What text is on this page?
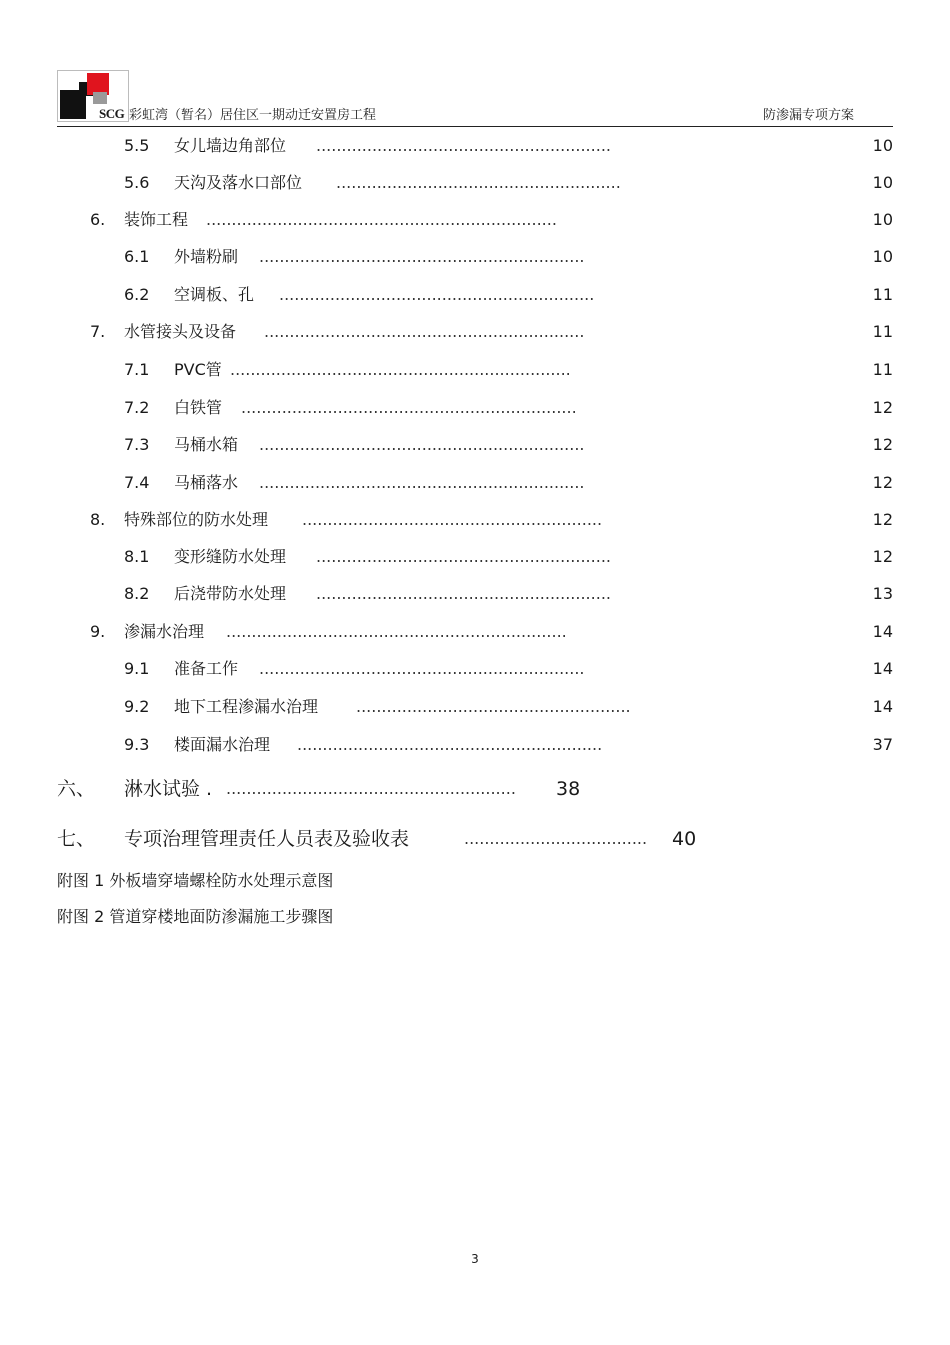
SCG 彩虹湾（暂名）居住区一期动迁安置房工程	防渗漏专项方案
5.5 女儿墙边角部位 ..........................................................	10
5.6 天沟及落水口部位 ........................................................	10
6. 装饰工程 .....................................................................	10
6.1 外墙粉刷 ................................................................	10
6.2 空调板、孔 ..............................................................	11
7. 水管接头及设备 ...............................................................	11
7.1 PVC管 ...................................................................	11
7.2 白铁管 ..................................................................	12
7.3 马桶水箱 ................................................................	12
7.4 马桶落水 ................................................................	12
8. 特殊部位的防水处理 ...........................................................	12
8.1 变形缝防水处理 ..........................................................	12
8.2 后浇带防水处理 ..........................................................	13
9. 渗漏水治理 ...................................................................	14
9.1 准备工作 ................................................................	14
9.2 地下工程渗漏水治理 ......................................................	14
9.3 楼面漏水治理 ............................................................	37
六、 淋水试验 . ......................................................... 38
七、 专项治理管理责任人员表及验收表	.................................... 40
附图 1 外板墙穿墙螺栓防水处理示意图
附图 2 管道穿楼地面防渗漏施工步骤图
3
